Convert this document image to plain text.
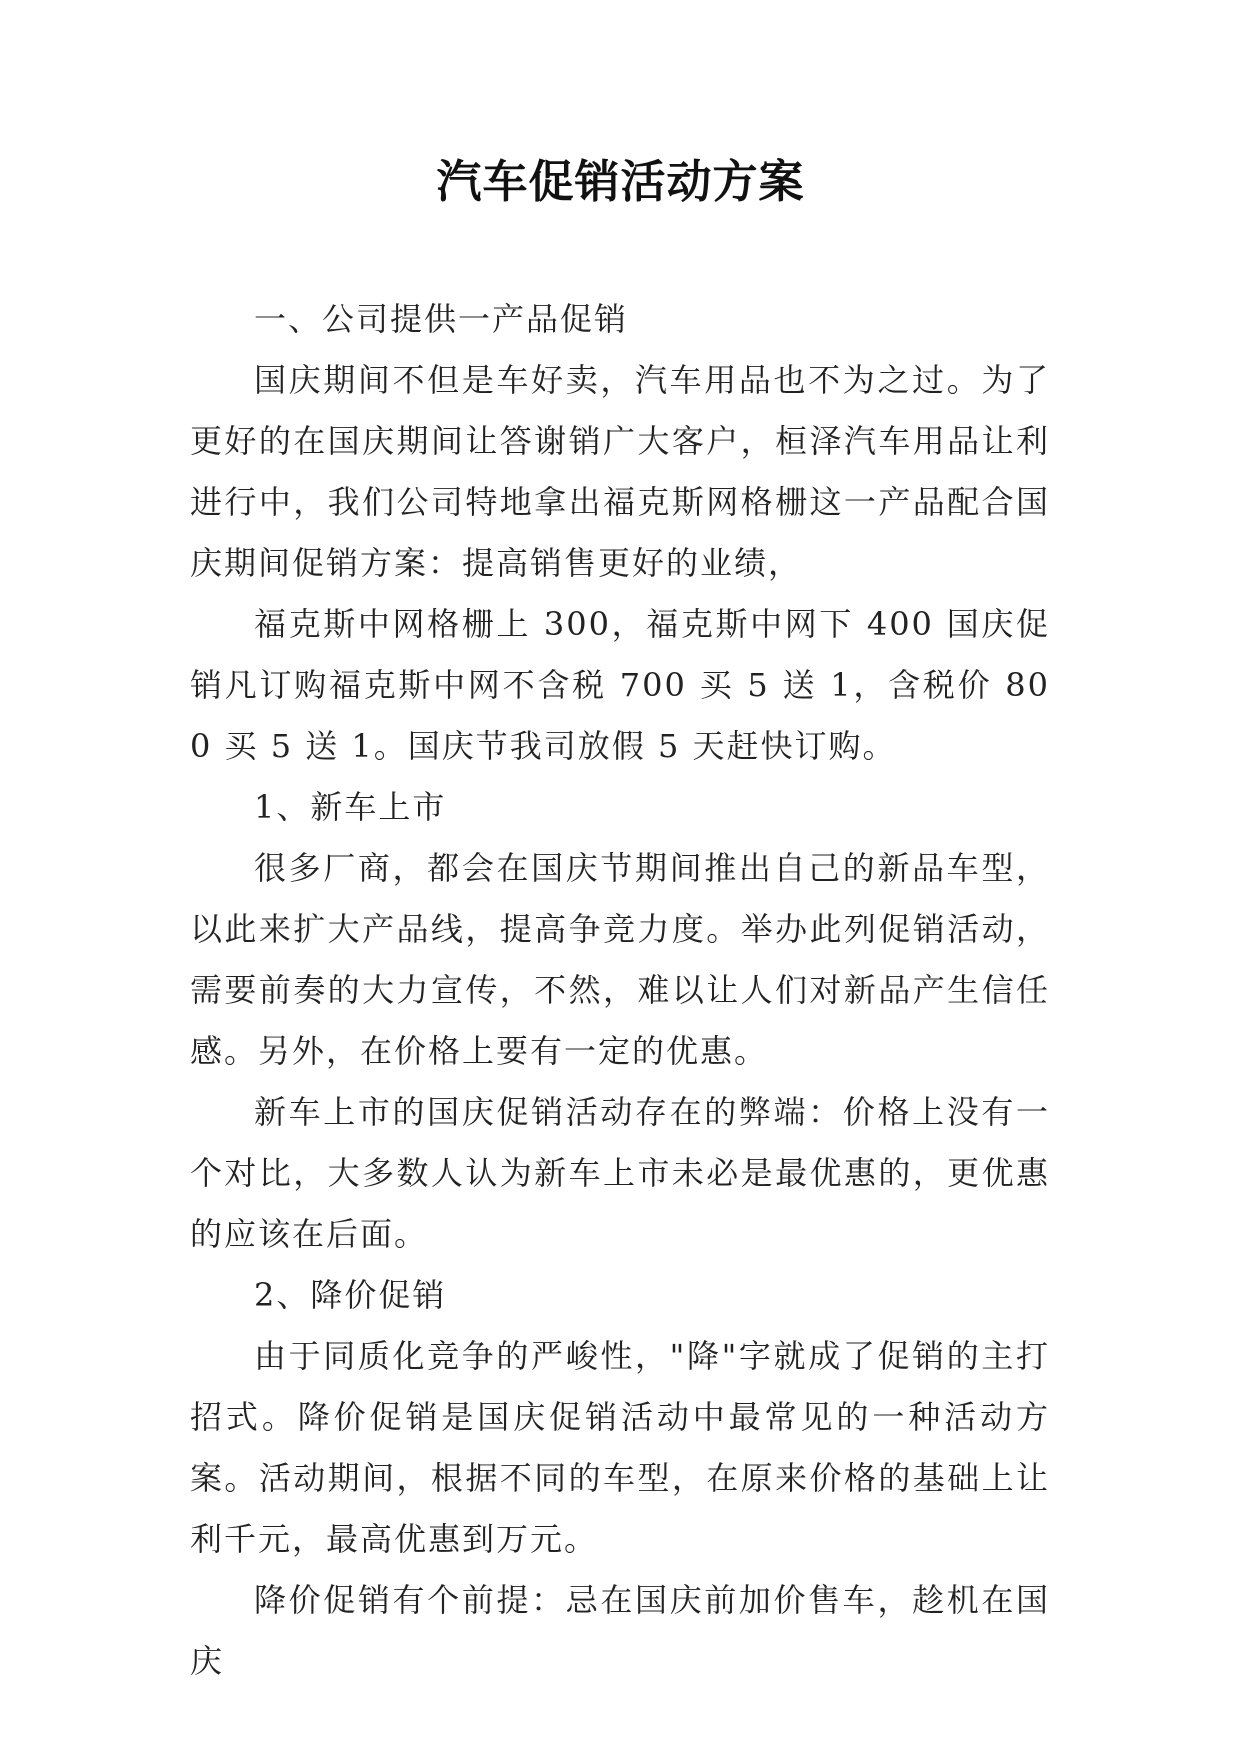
汽车促销活动方案

一、公司提供一产品促销

国庆期间不但是车好卖，汽车用品也不为之过。为了更好的在国庆期间让答谢销广大客户，桓泽汽车用品让利进行中，我们公司特地拿出福克斯网格栅这一产品配合国庆期间促销方案：提高销售更好的业绩，

福克斯中网格栅上 300，福克斯中网下 400 国庆促销凡订购福克斯中网不含税 700 买 5 送 1，含税价 800 买 5 送 1。国庆节我司放假 5 天赶快订购。

1、新车上市

很多厂商，都会在国庆节期间推出自己的新品车型，以此来扩大产品线，提高争竞力度。举办此列促销活动，需要前奏的大力宣传，不然，难以让人们对新品产生信任感。另外，在价格上要有一定的优惠。

新车上市的国庆促销活动存在的弊端：价格上没有一个对比，大多数人认为新车上市未必是最优惠的，更优惠的应该在后面。

2、降价促销

由于同质化竞争的严峻性，"降"字就成了促销的主打招式。降价促销是国庆促销活动中最常见的一种活动方案。活动期间，根据不同的车型，在原来价格的基础上让利千元，最高优惠到万元。

降价促销有个前提：忌在国庆前加价售车，趁机在国庆
